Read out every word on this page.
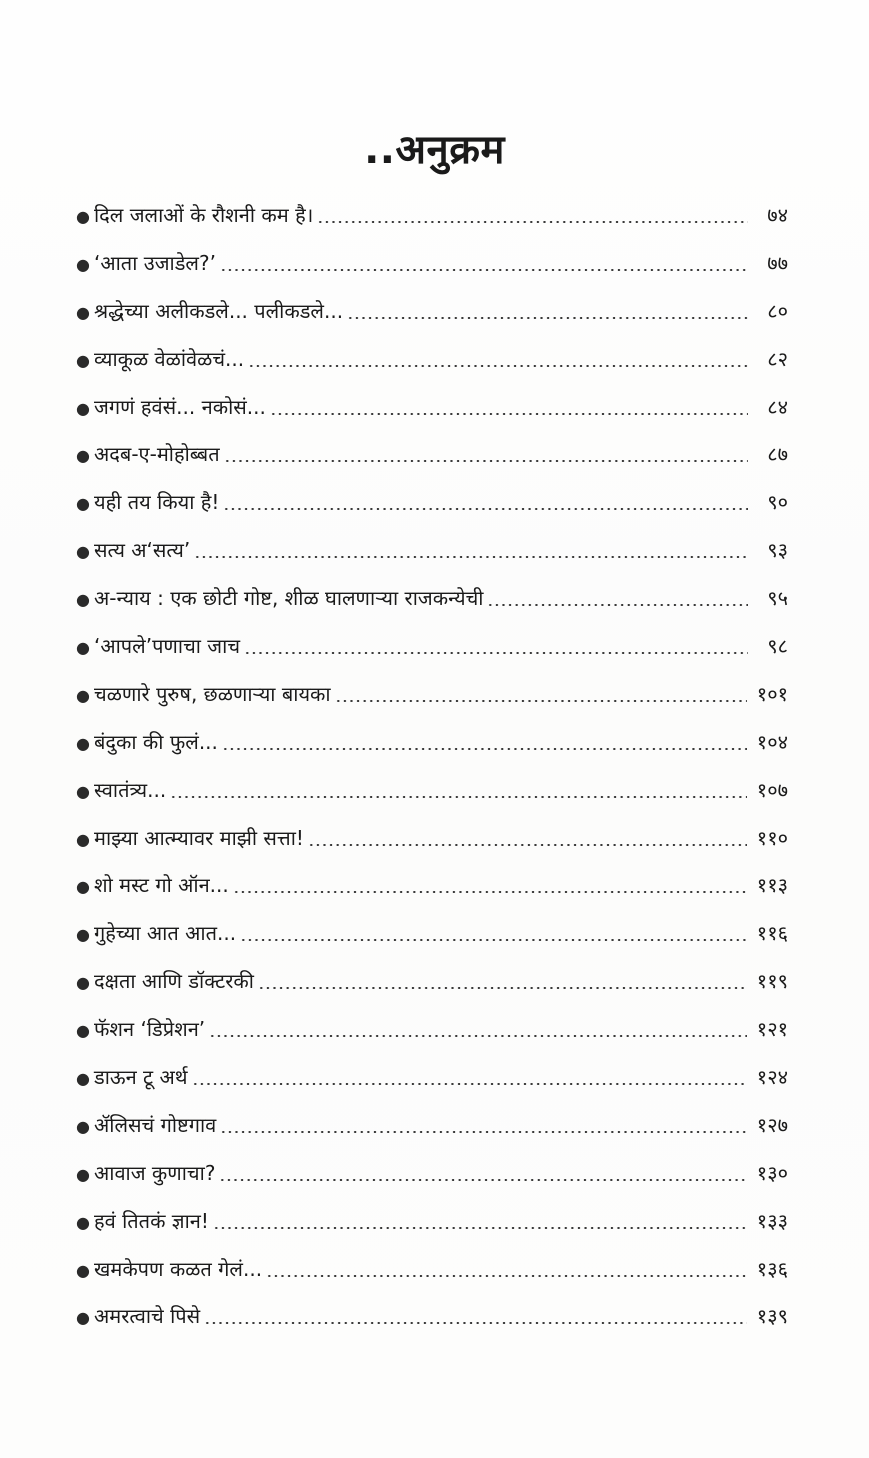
..अनुक्रम
● दिल जलाओं के रौशनी कम है।	७४
● ‘आता उजाडेल?’	७७
● श्रद्धेच्या अलीकडले... पलीकडले...	८०
● व्याकूळ वेळांवेळचं...	८२
● जगणं हवंसं... नकोसं...	८४
● अदब-ए-मोहोब्बत	८७
● यही तय किया है!	९०
● सत्य अ‘सत्य’	९३
● अ-न्याय : एक छोटी गोष्ट, शीळ घालणाऱ्या राजकन्येची	९५
● ‘आपले’पणाचा जाच	९८
● चळणारे पुरुष, छळणाऱ्या बायका	१०१
● बंदुका की फुलं...	१०४
● स्वातंत्र्य...	१०७
● माझ्या आत्म्यावर माझी सत्ता!	११०
● शो मस्ट गो ऑन...	११३
● गुहेच्या आत आत...	११६
● दक्षता आणि डॉक्टरकी	११९
● फॅशन ‘डिप्रेशन’	१२१
● डाऊन टू अर्थ	१२४
● ॲलिसचं गोष्टगाव	१२७
● आवाज कुणाचा?	१३०
● हवं तितकं ज्ञान!	१३३
● खमकेपण कळत गेलं...	१३६
● अमरत्वाचे पिसे	१३९
